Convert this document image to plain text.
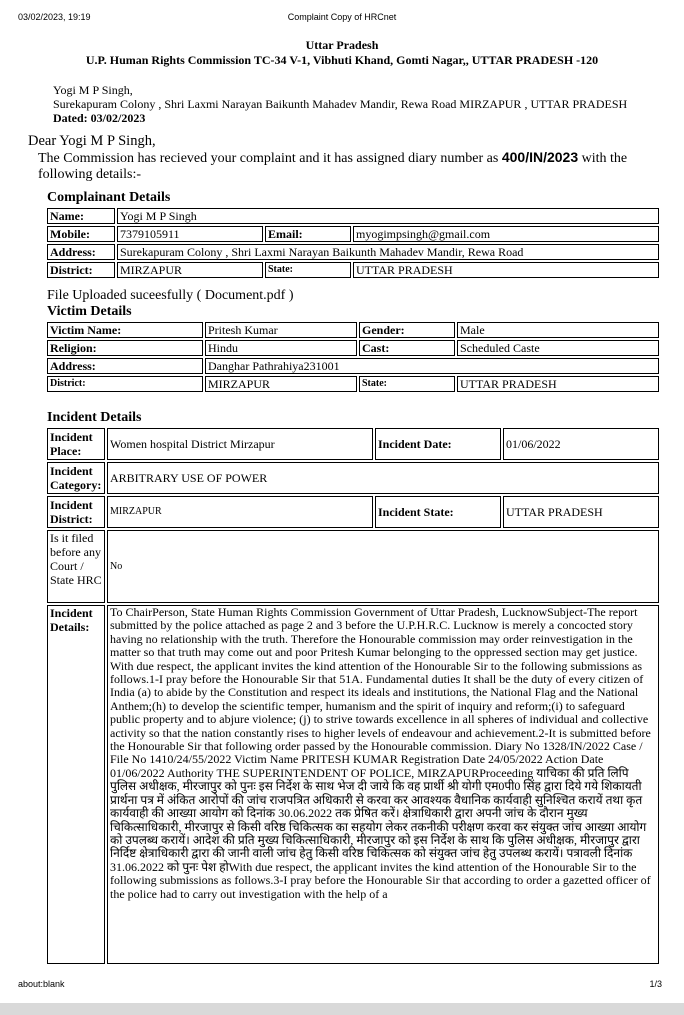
03/02/2023, 19:19	Complaint Copy of HRCnet
Uttar Pradesh
U.P. Human Rights Commission TC-34 V-1, Vibhuti Khand, Gomti Nagar,, UTTAR PRADESH -120
Yogi M P Singh,
Surekapuram Colony , Shri Laxmi Narayan Baikunth Mahadev Mandir, Rewa Road MIRZAPUR , UTTAR PRADESH
Dated: 03/02/2023
Dear Yogi M P Singh,
The Commission has recieved your complaint and it has assigned diary number as 400/IN/2023 with the following details:-
Complainant Details
Name:	Yogi M P Singh		
Mobile:	7379105911	Email:	myogimpsingh@gmail.com
Address:	Surekapuram Colony , Shri Laxmi Narayan Baikunth Mahadev Mandir, Rewa Road		
District:	MIRZAPUR	State:	UTTAR PRADESH
File Uploaded suceesfully ( Document.pdf )
Victim Details
Victim Name:	Pritesh Kumar	Gender:	Male
Religion:	Hindu	Cast:	Scheduled Caste
Address:	Danghar Pathrahiya231001		
District:	MIRZAPUR	State:	UTTAR PRADESH
Incident Details
Incident Place:	Women hospital District Mirzapur	Incident Date:	01/06/2022
Incident Category:	ARBITRARY USE OF POWER		
Incident District:	MIRZAPUR	Incident State:	UTTAR PRADESH
Is it filed before any Court / State HRC	No		
Incident Details:	To ChairPerson, State Human Rights Commission Government of Uttar Pradesh, LucknowSubject-The report submitted by the police attached as page 2 and 3 before the U.P.H.R.C. Lucknow is merely a concocted story having no relationship with the truth. Therefore the Honourable commission may order reinvestigation in the matter so that truth may come out and poor Pritesh Kumar belonging to the oppressed section may get justice. With due respect, the applicant invites the kind attention of the Honourable Sir to the following submissions as follows.1-I pray before the Honourable Sir that 51A. Fundamental duties It shall be the duty of every citizen of India (a) to abide by the Constitution and respect its ideals and institutions, the National Flag and the National Anthem;(h) to develop the scientific temper, humanism and the spirit of inquiry and reform;(i) to safeguard public property and to abjure violence; (j) to strive towards excellence in all spheres of individual and collective activity so that the nation constantly rises to higher levels of endeavour and achievement.2-It is submitted before the Honourable Sir that following order passed by the Honourable commission. Diary No 1328/IN/2022 Case / File No 1410/24/55/2022 Victim Name PRITESH KUMAR Registration Date 24/05/2022 Action Date 01/06/2022 Authority THE SUPERINTENDENT OF POLICE, MIRZAPURProceeding याचिका की प्रति लिपि पुलिस अधीक्षक, मीरजापुर को पुनः इस निर्देश के साथ भेज दी जाये कि वह प्रार्थी श्री योगी एम0पी0 सिंह द्वारा दिये गये शिकायती प्रार्थना पत्र में अंकित आरोपों की जांच राजपत्रित अधिकारी से करवा कर आवश्यक वैधानिक कार्यवाही सुनिश्चित करायें तथा कृत कार्यवाही की आख्या आयोग को दिनांक 30.06.2022 तक प्रेषित करें। क्षेत्राधिकारी द्वारा अपनी जांच के दौरान मुख्य चिकित्साधिकारी, मीरजापुर से किसी वरिष्ठ चिकित्सक का सहयोग लेकर तकनीकी परीक्षण करवा कर संयुक्त जांच आख्या आयोग को उपलब्ध करायें। आदेश की प्रति मुख्य चिकित्साधिकारी, मीरजापुर को इस निर्देश के साथ कि पुलिस अधीक्षक, मीरजापुर द्वारा निर्दिष्ट क्षेत्राधिकारी द्वारा की जानी वाली जांच हेतु किसी वरिष्ठ चिकित्सक को संयुक्त जांच हेतु उपलब्ध करायें। पत्रावली दिनांक 31.06.2022 को पुनः पेश होWith due respect, the applicant invites the kind attention of the Honourable Sir to the following submissions as follows.3-I pray before the Honourable Sir that according to order a gazetted officer of the police had to carry out investigation with the help of a		
about:blank	1/3
